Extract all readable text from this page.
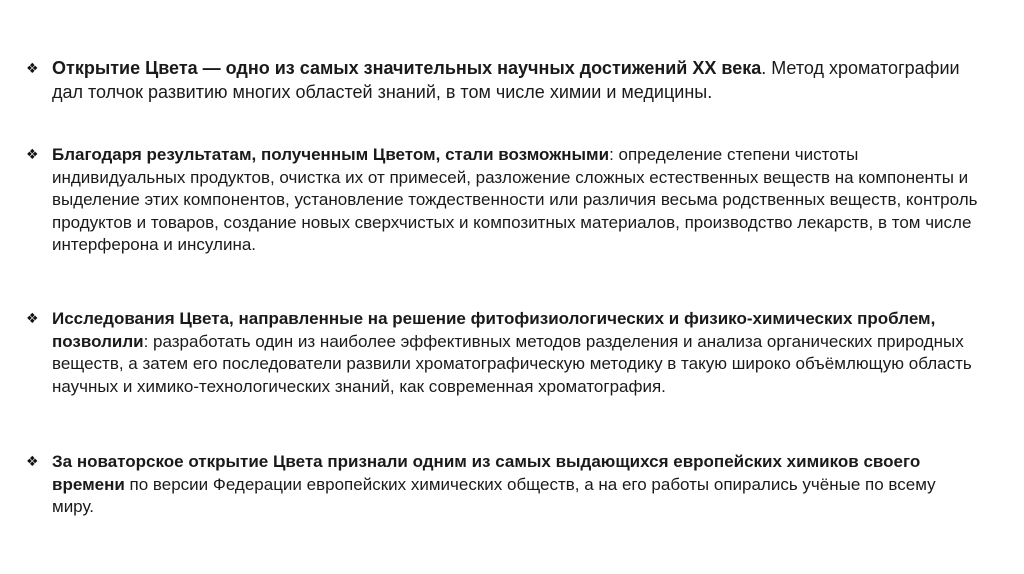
❖ Открытие Цвета — одно из самых значительных научных достижений XX века. Метод хроматографии дал толчок развитию многих областей знаний, в том числе химии и медицины.
❖ Благодаря результатам, полученным Цветом, стали возможными: определение степени чистоты индивидуальных продуктов, очистка их от примесей, разложение сложных естественных веществ на компоненты и выделение этих компонентов, установление тождественности или различия весьма родственных веществ, контроль продуктов и товаров, создание новых сверхчистых и композитных материалов, производство лекарств, в том числе интерферона и инсулина.
❖ Исследования Цвета, направленные на решение фитофизиологических и физико-химических проблем, позволили: разработать один из наиболее эффективных методов разделения и анализа органических природных веществ, а затем его последователи развили хроматографическую методику в такую широко объёмлющую область научных и химико-технологических знаний, как современная хроматография.
❖ За новаторское открытие Цвета признали одним из самых выдающихся европейских химиков своего времени по версии Федерации европейских химических обществ, а на его работы опирались учёные по всему миру.
